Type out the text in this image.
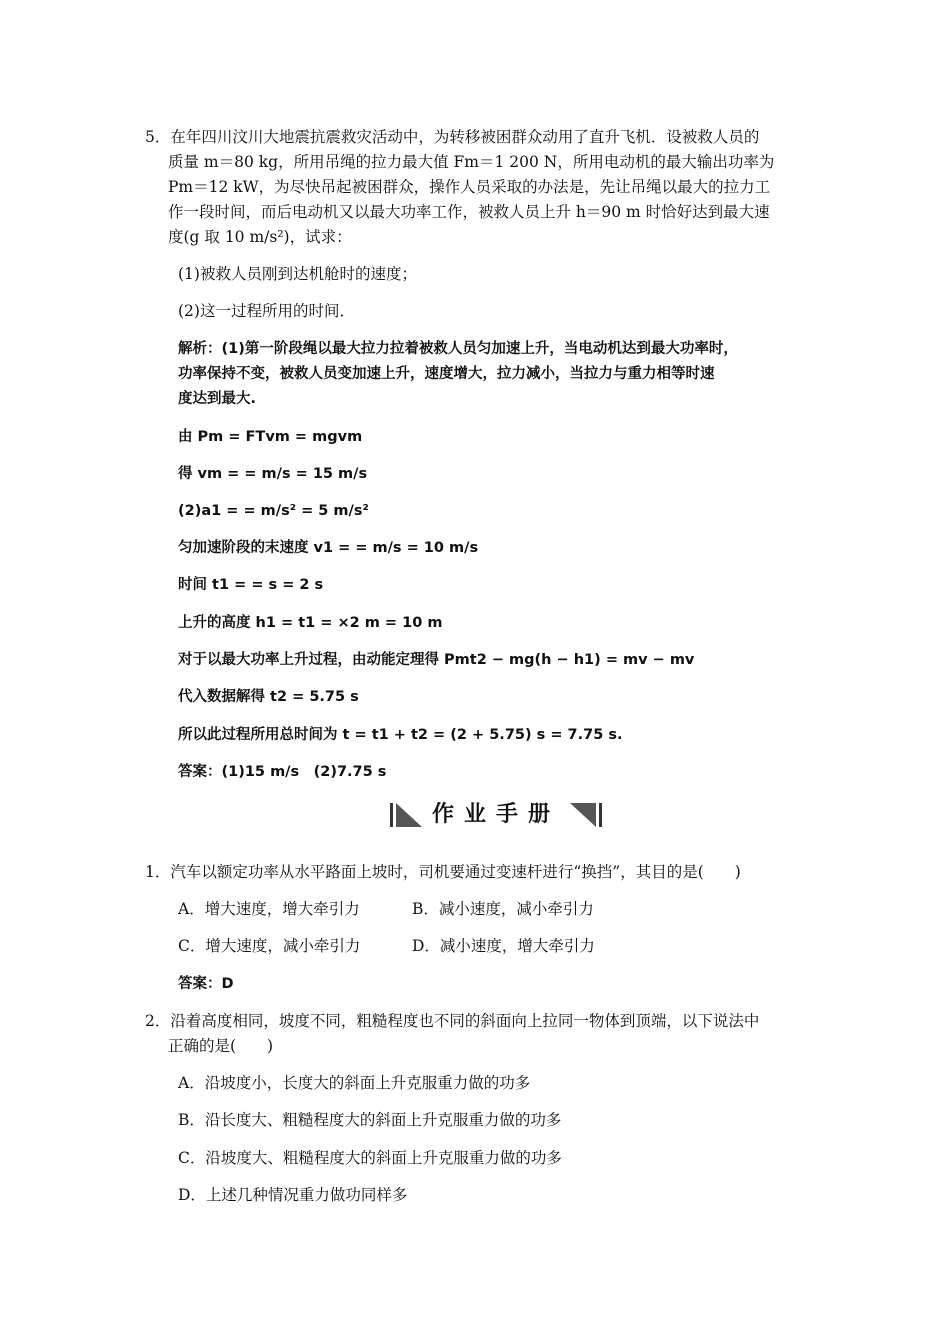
5．在年四川汶川大地震抗震救灾活动中，为转移被困群众动用了直升飞机．设被救人员的
质量 m＝80 kg，所用吊绳的拉力最大值 Fm＝1 200 N，所用电动机的最大输出功率为
Pm＝12 kW，为尽快吊起被困群众，操作人员采取的办法是，先让吊绳以最大的拉力工
作一段时间，而后电动机又以最大功率工作，被救人员上升 h＝90 m 时恰好达到最大速
度(g 取 10 m/s²)，试求：
(1)被救人员刚到达机舱时的速度；
(2)这一过程所用的时间．
解析：(1)第一阶段绳以最大拉力拉着被救人员匀加速上升，当电动机达到最大功率时，
功率保持不变，被救人员变加速上升，速度增大，拉力减小，当拉力与重力相等时速
度达到最大.
由 Pm = FTvm = mgvm
得 vm = = m/s = 15 m/s
(2)a1 = = m/s² = 5 m/s²
匀加速阶段的末速度 v1 = = m/s = 10 m/s
时间 t1 = = s = 2 s
上升的高度 h1 = t1 = ×2 m = 10 m
对于以最大功率上升过程，由动能定理得 Pmt2 − mg(h − h1) = mv − mv
代入数据解得 t2 = 5.75 s
所以此过程所用总时间为 t = t1 + t2 = (2 + 5.75) s = 7.75 s.
答案：(1)15 m/s　(2)7.75 s
作业手册
1．汽车以额定功率从水平路面上坡时，司机要通过变速杆进行“换挡”，其目的是(　　)
A．增大速度，增大牵引力	B．减小速度，减小牵引力
C．增大速度，减小牵引力	D．减小速度，增大牵引力
答案：D
2．沿着高度相同，坡度不同，粗糙程度也不同的斜面向上拉同一物体到顶端，以下说法中
正确的是(　　)
A．沿坡度小，长度大的斜面上升克服重力做的功多
B．沿长度大、粗糙程度大的斜面上升克服重力做的功多
C．沿坡度大、粗糙程度大的斜面上升克服重力做的功多
D．上述几种情况重力做功同样多
